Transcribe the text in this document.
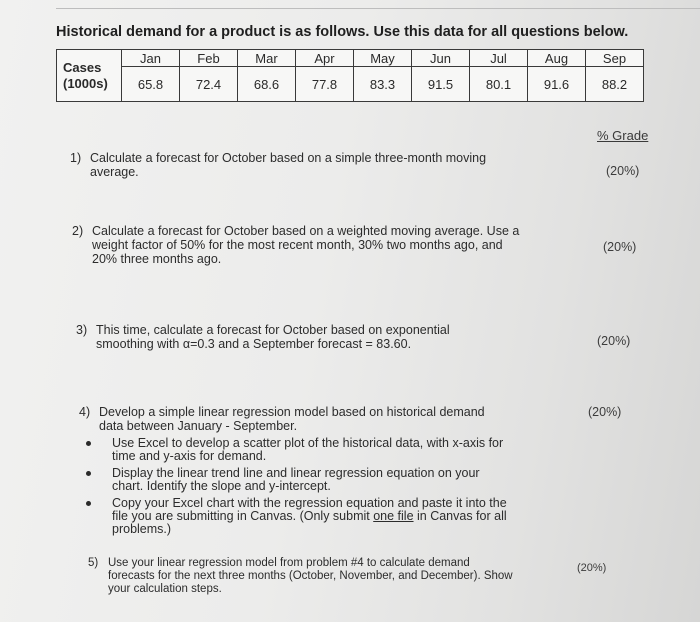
Historical demand for a product is as follows. Use this data for all questions below.
Cases
(1000s)	Jan	Feb	Mar	Apr	May	Jun	Jul	Aug	Sep
	65.8	72.4	68.6	77.8	83.3	91.5	80.1	91.6	88.2
% Grade
1) Calculate a forecast for October based on a simple three-month moving average.	(20%)
2) Calculate a forecast for October based on a weighted moving average. Use a weight factor of 50% for the most recent month, 30% two months ago, and 20% three months ago.
(20%)
3) This time, calculate a forecast for October based on exponential smoothing with α=0.3 and a September forecast = 83.60.	(20%)
4) Develop a simple linear regression model based on historical demand data between January - September.
Use Excel to develop a scatter plot of the historical data, with x-axis for time and y-axis for demand.
Display the linear trend line and linear regression equation on your chart. Identify the slope and y-intercept.
Copy your Excel chart with the regression equation and paste it into the file you are submitting in Canvas. (Only submit one file in Canvas for all problems.)
(20%)
5) Use your linear regression model from problem #4 to calculate demand forecasts for the next three months (October, November, and December). Show your calculation steps.
(20%)
